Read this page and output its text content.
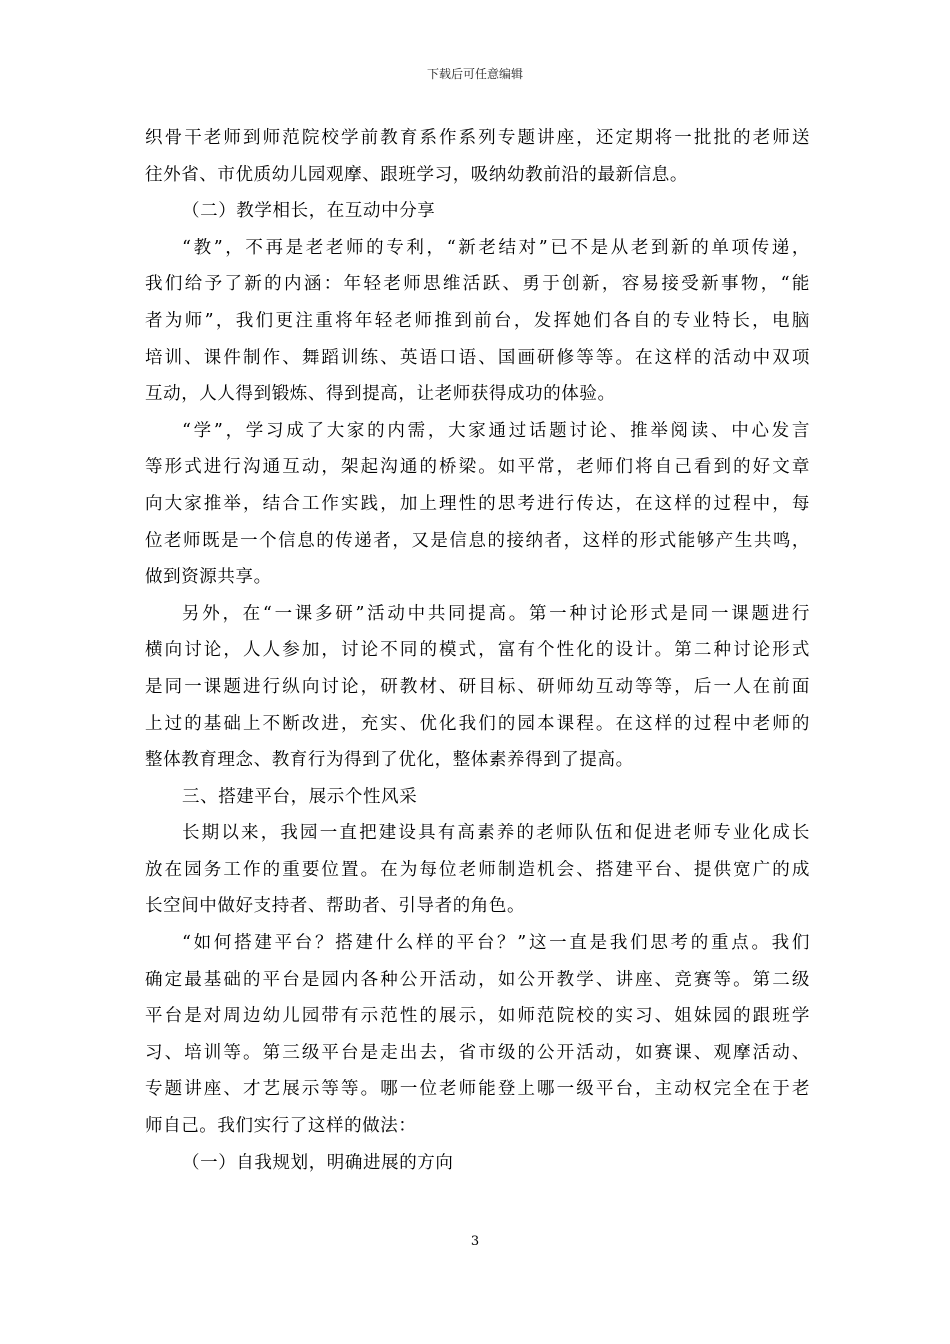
下载后可任意编辑
织骨干老师到师范院校学前教育系作系列专题讲座，还定期将一批批的老师送
往外省、市优质幼儿园观摩、跟班学习，吸纳幼教前沿的最新信息。
（二）教学相长，在互动中分享
“教”，不再是老老师的专利，“新老结对”已不是从老到新的单项传递，
我们给予了新的内涵：年轻老师思维活跃、勇于创新，容易接受新事物，“能
者为师”，我们更注重将年轻老师推到前台，发挥她们各自的专业特长，电脑
培训、课件制作、舞蹈训练、英语口语、国画研修等等。在这样的活动中双项
互动，人人得到锻炼、得到提高，让老师获得成功的体验。
“学”，学习成了大家的内需，大家通过话题讨论、推举阅读、中心发言
等形式进行沟通互动，架起沟通的桥梁。如平常，老师们将自己看到的好文章
向大家推举，结合工作实践，加上理性的思考进行传达，在这样的过程中，每
位老师既是一个信息的传递者，又是信息的接纳者，这样的形式能够产生共鸣，
做到资源共享。
另外，在“一课多研”活动中共同提高。第一种讨论形式是同一课题进行
横向讨论，人人参加，讨论不同的模式，富有个性化的设计。第二种讨论形式
是同一课题进行纵向讨论，研教材、研目标、研师幼互动等等，后一人在前面
上过的基础上不断改进，充实、优化我们的园本课程。在这样的过程中老师的
整体教育理念、教育行为得到了优化，整体素养得到了提高。
三、搭建平台，展示个性风采
长期以来，我园一直把建设具有高素养的老师队伍和促进老师专业化成长
放在园务工作的重要位置。在为每位老师制造机会、搭建平台、提供宽广的成
长空间中做好支持者、帮助者、引导者的角色。
“如何搭建平台？搭建什么样的平台？”这一直是我们思考的重点。我们
确定最基础的平台是园内各种公开活动，如公开教学、讲座、竞赛等。第二级
平台是对周边幼儿园带有示范性的展示，如师范院校的实习、姐妹园的跟班学
习、培训等。第三级平台是走出去，省市级的公开活动，如赛课、观摩活动、
专题讲座、才艺展示等等。哪一位老师能登上哪一级平台，主动权完全在于老
师自己。我们实行了这样的做法：
（一）自我规划，明确进展的方向
3
